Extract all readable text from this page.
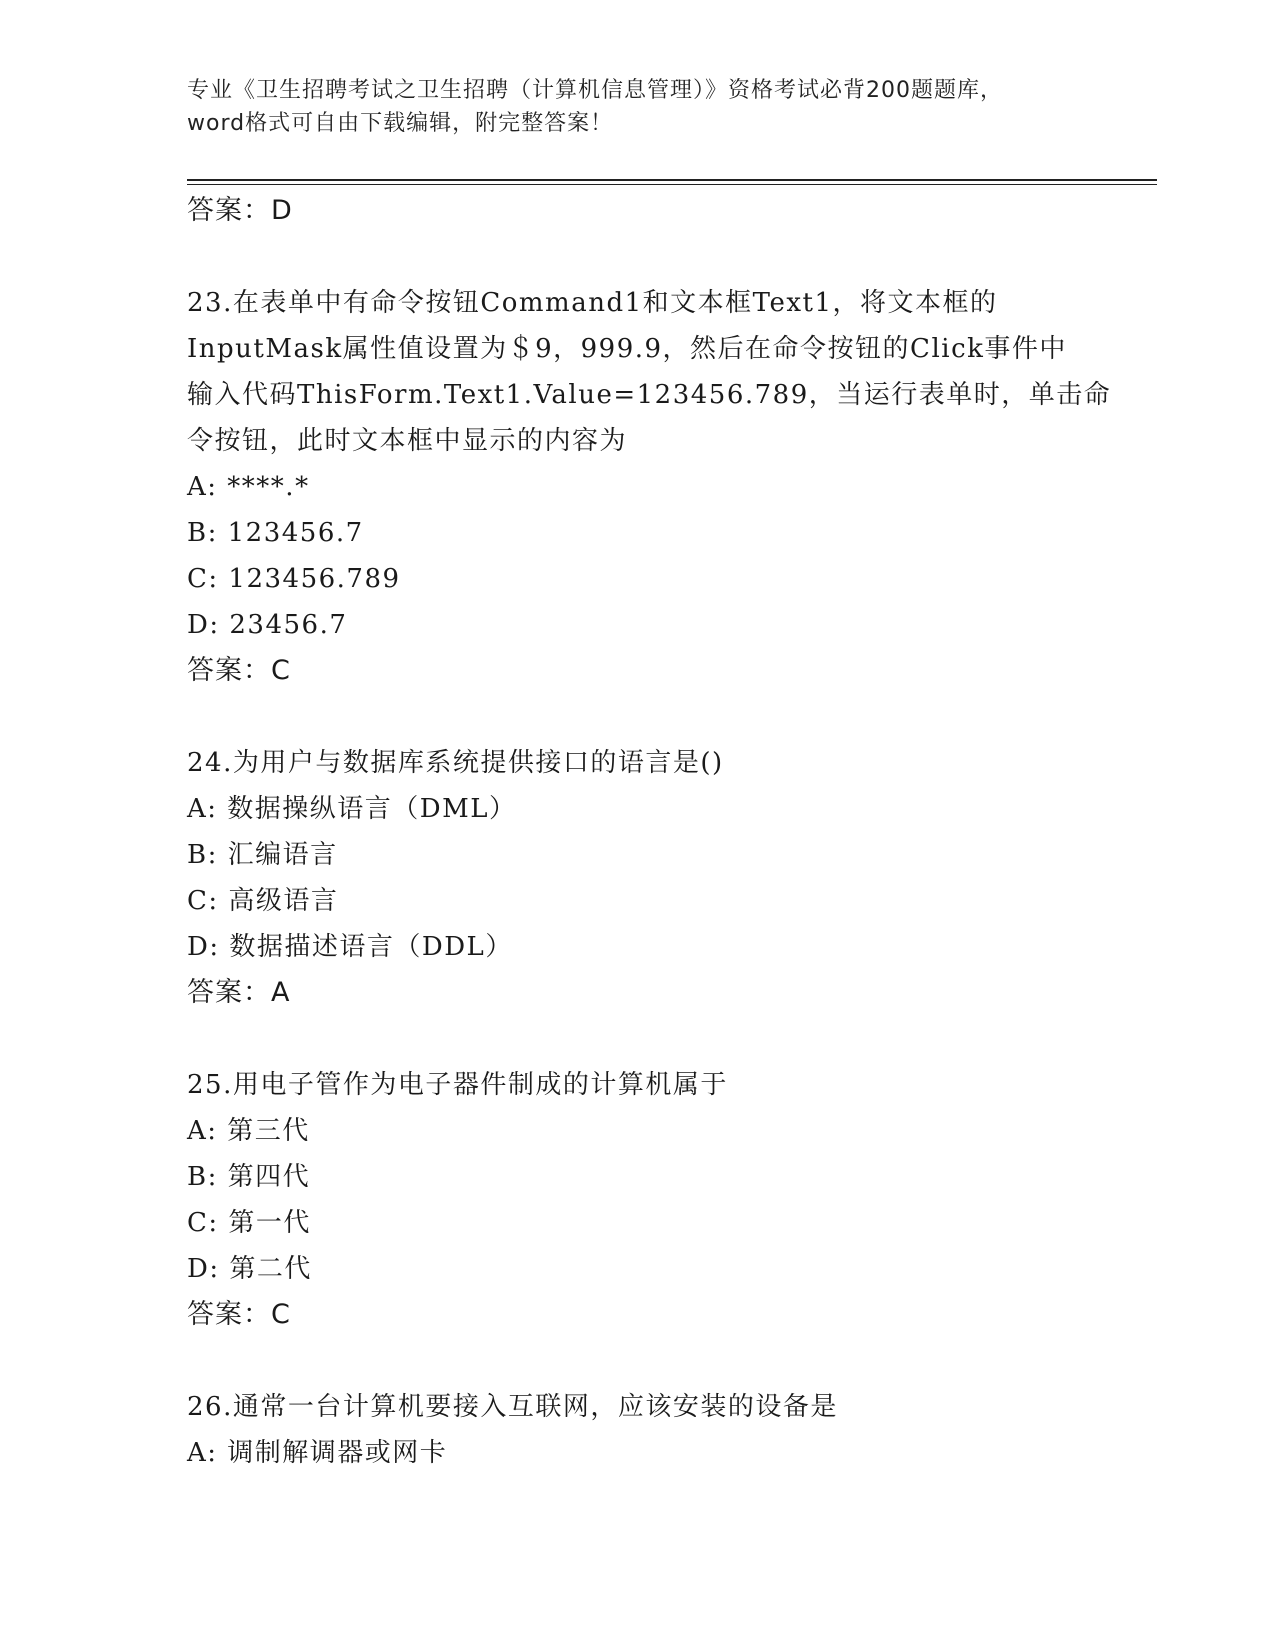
专业《卫生招聘考试之卫生招聘（计算机信息管理）》资格考试必背200题题库，
word格式可自由下载编辑，附完整答案！
答案：D
23.在表单中有命令按钮Command1和文本框Text1，将文本框的
InputMask属性值设置为＄9，999.9，然后在命令按钮的Click事件中
输入代码ThisForm.Text1.Value=123456.789，当运行表单时，单击命
令按钮，此时文本框中显示的内容为
A: ****.*
B: 123456.7
C: 123456.789
D: 23456.7
答案：C
24.为用户与数据库系统提供接口的语言是()
A: 数据操纵语言（DML）
B: 汇编语言
C: 高级语言
D: 数据描述语言（DDL）
答案：A
25.用电子管作为电子器件制成的计算机属于
A: 第三代
B: 第四代
C: 第一代
D: 第二代
答案：C
26.通常一台计算机要接入互联网，应该安装的设备是
A: 调制解调器或网卡
